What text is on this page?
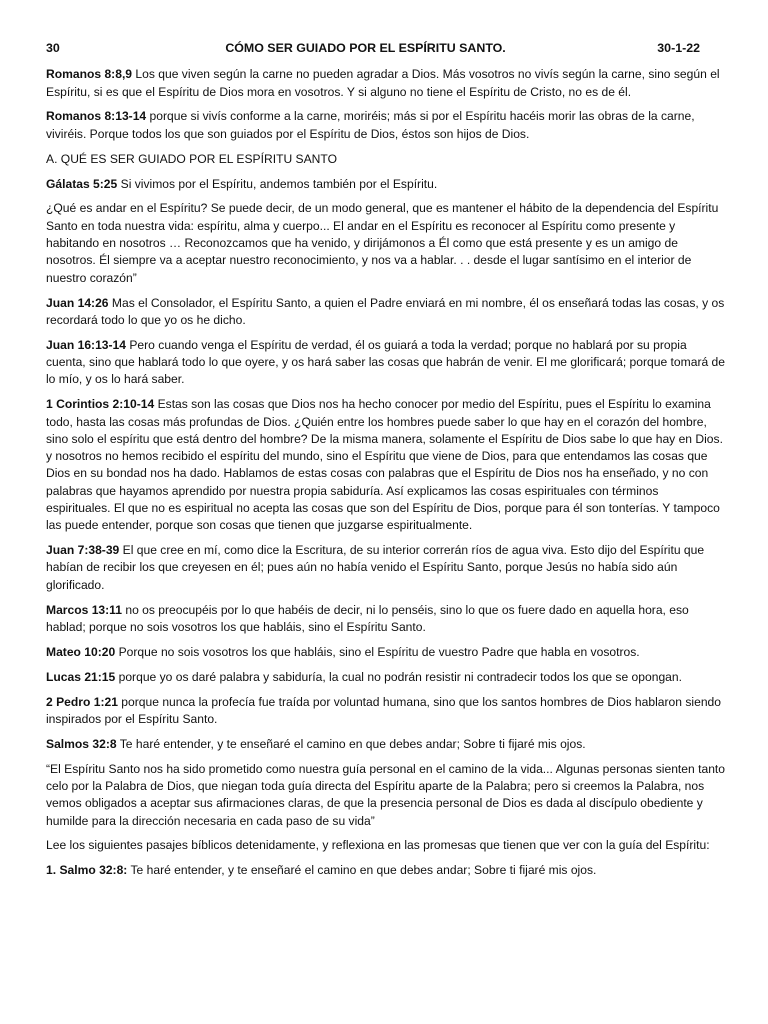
30	CÓMO SER GUIADO POR EL ESPÍRITU SANTO.	30-1-22

Romanos 8:8,9 Los que viven según la carne no pueden agradar a Dios. Más vosotros no vivís según la carne, sino según el Espíritu, si es que el Espíritu de Dios mora en vosotros. Y si alguno no tiene el Espíritu de Cristo, no es de él.

Romanos 8:13-14 porque si vivís conforme a la carne, moriréis; más si por el Espíritu hacéis morir las obras de la carne, viviréis. Porque todos los que son guiados por el Espíritu de Dios, éstos son hijos de Dios.

A. QUÉ ES SER GUIADO POR EL ESPÍRITU SANTO

Gálatas 5:25 Si vivimos por el Espíritu, andemos también por el Espíritu.

¿Qué es andar en el Espíritu? Se puede decir, de un modo general, que es mantener el hábito de la dependencia del Espíritu Santo en toda nuestra vida: espíritu, alma y cuerpo... El andar en el Espíritu es reconocer al Espíritu como presente y habitando en nosotros … Reconozcamos que ha venido, y dirijámonos a Él como que está presente y es un amigo de nosotros. Él siempre va a aceptar nuestro reconocimiento, y nos va a hablar. . . desde el lugar santísimo en el interior de nuestro corazón”

Juan 14:26 Mas el Consolador, el Espíritu Santo, a quien el Padre enviará en mi nombre, él os enseñará todas las cosas, y os recordará todo lo que yo os he dicho.

Juan 16:13-14 Pero cuando venga el Espíritu de verdad, él os guiará a toda la verdad; porque no hablará por su propia cuenta, sino que hablará todo lo que oyere, y os hará saber las cosas que habrán de venir. El me glorificará; porque tomará de lo mío, y os lo hará saber.

1 Corintios 2:10-14 Estas son las cosas que Dios nos ha hecho conocer por medio del Espíritu, pues el Espíritu lo examina todo, hasta las cosas más profundas de Dios. ¿Quién entre los hombres puede saber lo que hay en el corazón del hombre, sino solo el espíritu que está dentro del hombre? De la misma manera, solamente el Espíritu de Dios sabe lo que hay en Dios. y nosotros no hemos recibido el espíritu del mundo, sino el Espíritu que viene de Dios, para que entendamos las cosas que Dios en su bondad nos ha dado. Hablamos de estas cosas con palabras que el Espíritu de Dios nos ha enseñado, y no con palabras que hayamos aprendido por nuestra propia sabiduría. Así explicamos las cosas espirituales con términos espirituales. El que no es espiritual no acepta las cosas que son del Espíritu de Dios, porque para él son tonterías. Y tampoco las puede entender, porque son cosas que tienen que juzgarse espiritualmente.

Juan 7:38-39 El que cree en mí, como dice la Escritura, de su interior correrán ríos de agua viva. Esto dijo del Espíritu que habían de recibir los que creyesen en él; pues aún no había venido el Espíritu Santo, porque Jesús no había sido aún glorificado.

Marcos 13:11 no os preocupéis por lo que habéis de decir, ni lo penséis, sino lo que os fuere dado en aquella hora, eso hablad; porque no sois vosotros los que habláis, sino el Espíritu Santo.

Mateo 10:20 Porque no sois vosotros los que habláis, sino el Espíritu de vuestro Padre que habla en vosotros.

Lucas 21:15 porque yo os daré palabra y sabiduría, la cual no podrán resistir ni contradecir todos los que se opongan.

2 Pedro 1:21 porque nunca la profecía fue traída por voluntad humana, sino que los santos hombres de Dios hablaron siendo inspirados por el Espíritu Santo.

Salmos 32:8 Te haré entender, y te enseñaré el camino en que debes andar; Sobre ti fijaré mis ojos.

“El Espíritu Santo nos ha sido prometido como nuestra guía personal en el camino de la vida... Algunas personas sienten tanto celo por la Palabra de Dios, que niegan toda guía directa del Espíritu aparte de la Palabra; pero si creemos la Palabra, nos vemos obligados a aceptar sus afirmaciones claras, de que la presencia personal de Dios es dada al discípulo obediente y humilde para la dirección necesaria en cada paso de su vida”

Lee los siguientes pasajes bíblicos detenidamente, y reflexiona en las promesas que tienen que ver con la guía del Espíritu:

1. Salmo 32:8: Te haré entender, y te enseñaré el camino en que debes andar; Sobre ti fijaré mis ojos.
